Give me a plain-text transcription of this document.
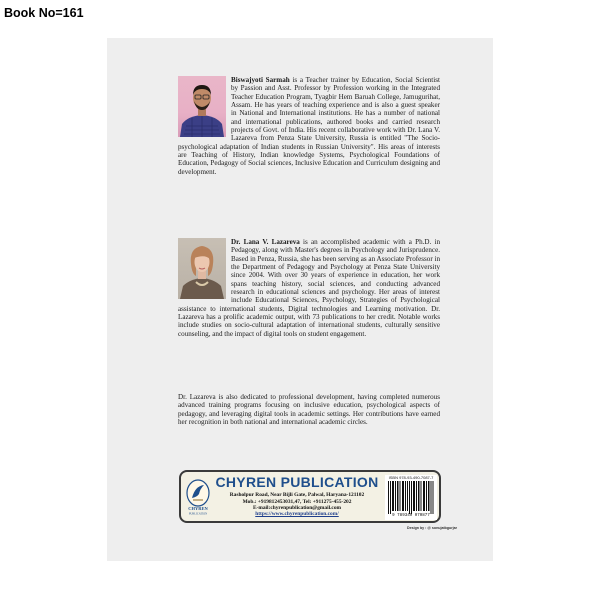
Book No=161
Biswajyoti Sarmah is a Teacher trainer by Education, Social Scientist by Passion and Asst. Professor by Profession working in the Integrated Teacher Education Program, Tyagbir Hem Baruah College, Jamugurihat, Assam. He has years of teaching experience and is also a guest speaker in National and International institutions. He has a number of national and international publications, authored books and carried research projects of Govt. of India. His recent collaborative work with Dr. Lana V. Lazareva from Penza State University, Russia is entitled "The Socio-psychological adaptation of Indian students in Russian University". His areas of interests are Teaching of History, Indian knowledge Systems, Psychological Foundations of Education, Pedagogy of Social sciences, Inclusive Education and Curriculum designing and development.
Dr. Lana V. Lazareva is an accomplished academic with a Ph.D. in Pedagogy, along with Master's degrees in Psychology and Jurisprudence. Based in Penza, Russia, she has been serving as an Associate Professor in the Department of Pedagogy and Psychology at Penza State University since 2004. With over 30 years of experience in education, her work spans teaching history, social sciences, and conducting advanced research in educational sciences and psychology. Her areas of interest include Educational Sciences, Psychology, Strategies of Psychological assistance to international students, Digital technologies and Learning motivation. Dr. Lazareva has a prolific academic output, with 73 publications to her credit. Notable works include studies on socio-cultural adaptation of international students, culturally sensitive counseling, and the impact of digital tools on student engagement.
Dr. Lazareva is also dedicated to professional development, having completed numerous advanced training programs focusing on inclusive education, psychological aspects of pedagogy, and leveraging digital tools in academic settings. Her contributions have earned her recognition in both national and international academic circles.
CHYREN
PUBLICATION
CHYREN PUBLICATION
Rasholpur Road, Near Bijli Gate, Palwal, Haryana-121102
Mob.: +919812453031,47, Tel: +911275-455-202
E-mail:chyrenpublication@gmail.com
https://www.chyrenpublication.com/
ISBN 978-93-490-7087-7
9 789349 070877
Design by : @ sonujatbgurjar
